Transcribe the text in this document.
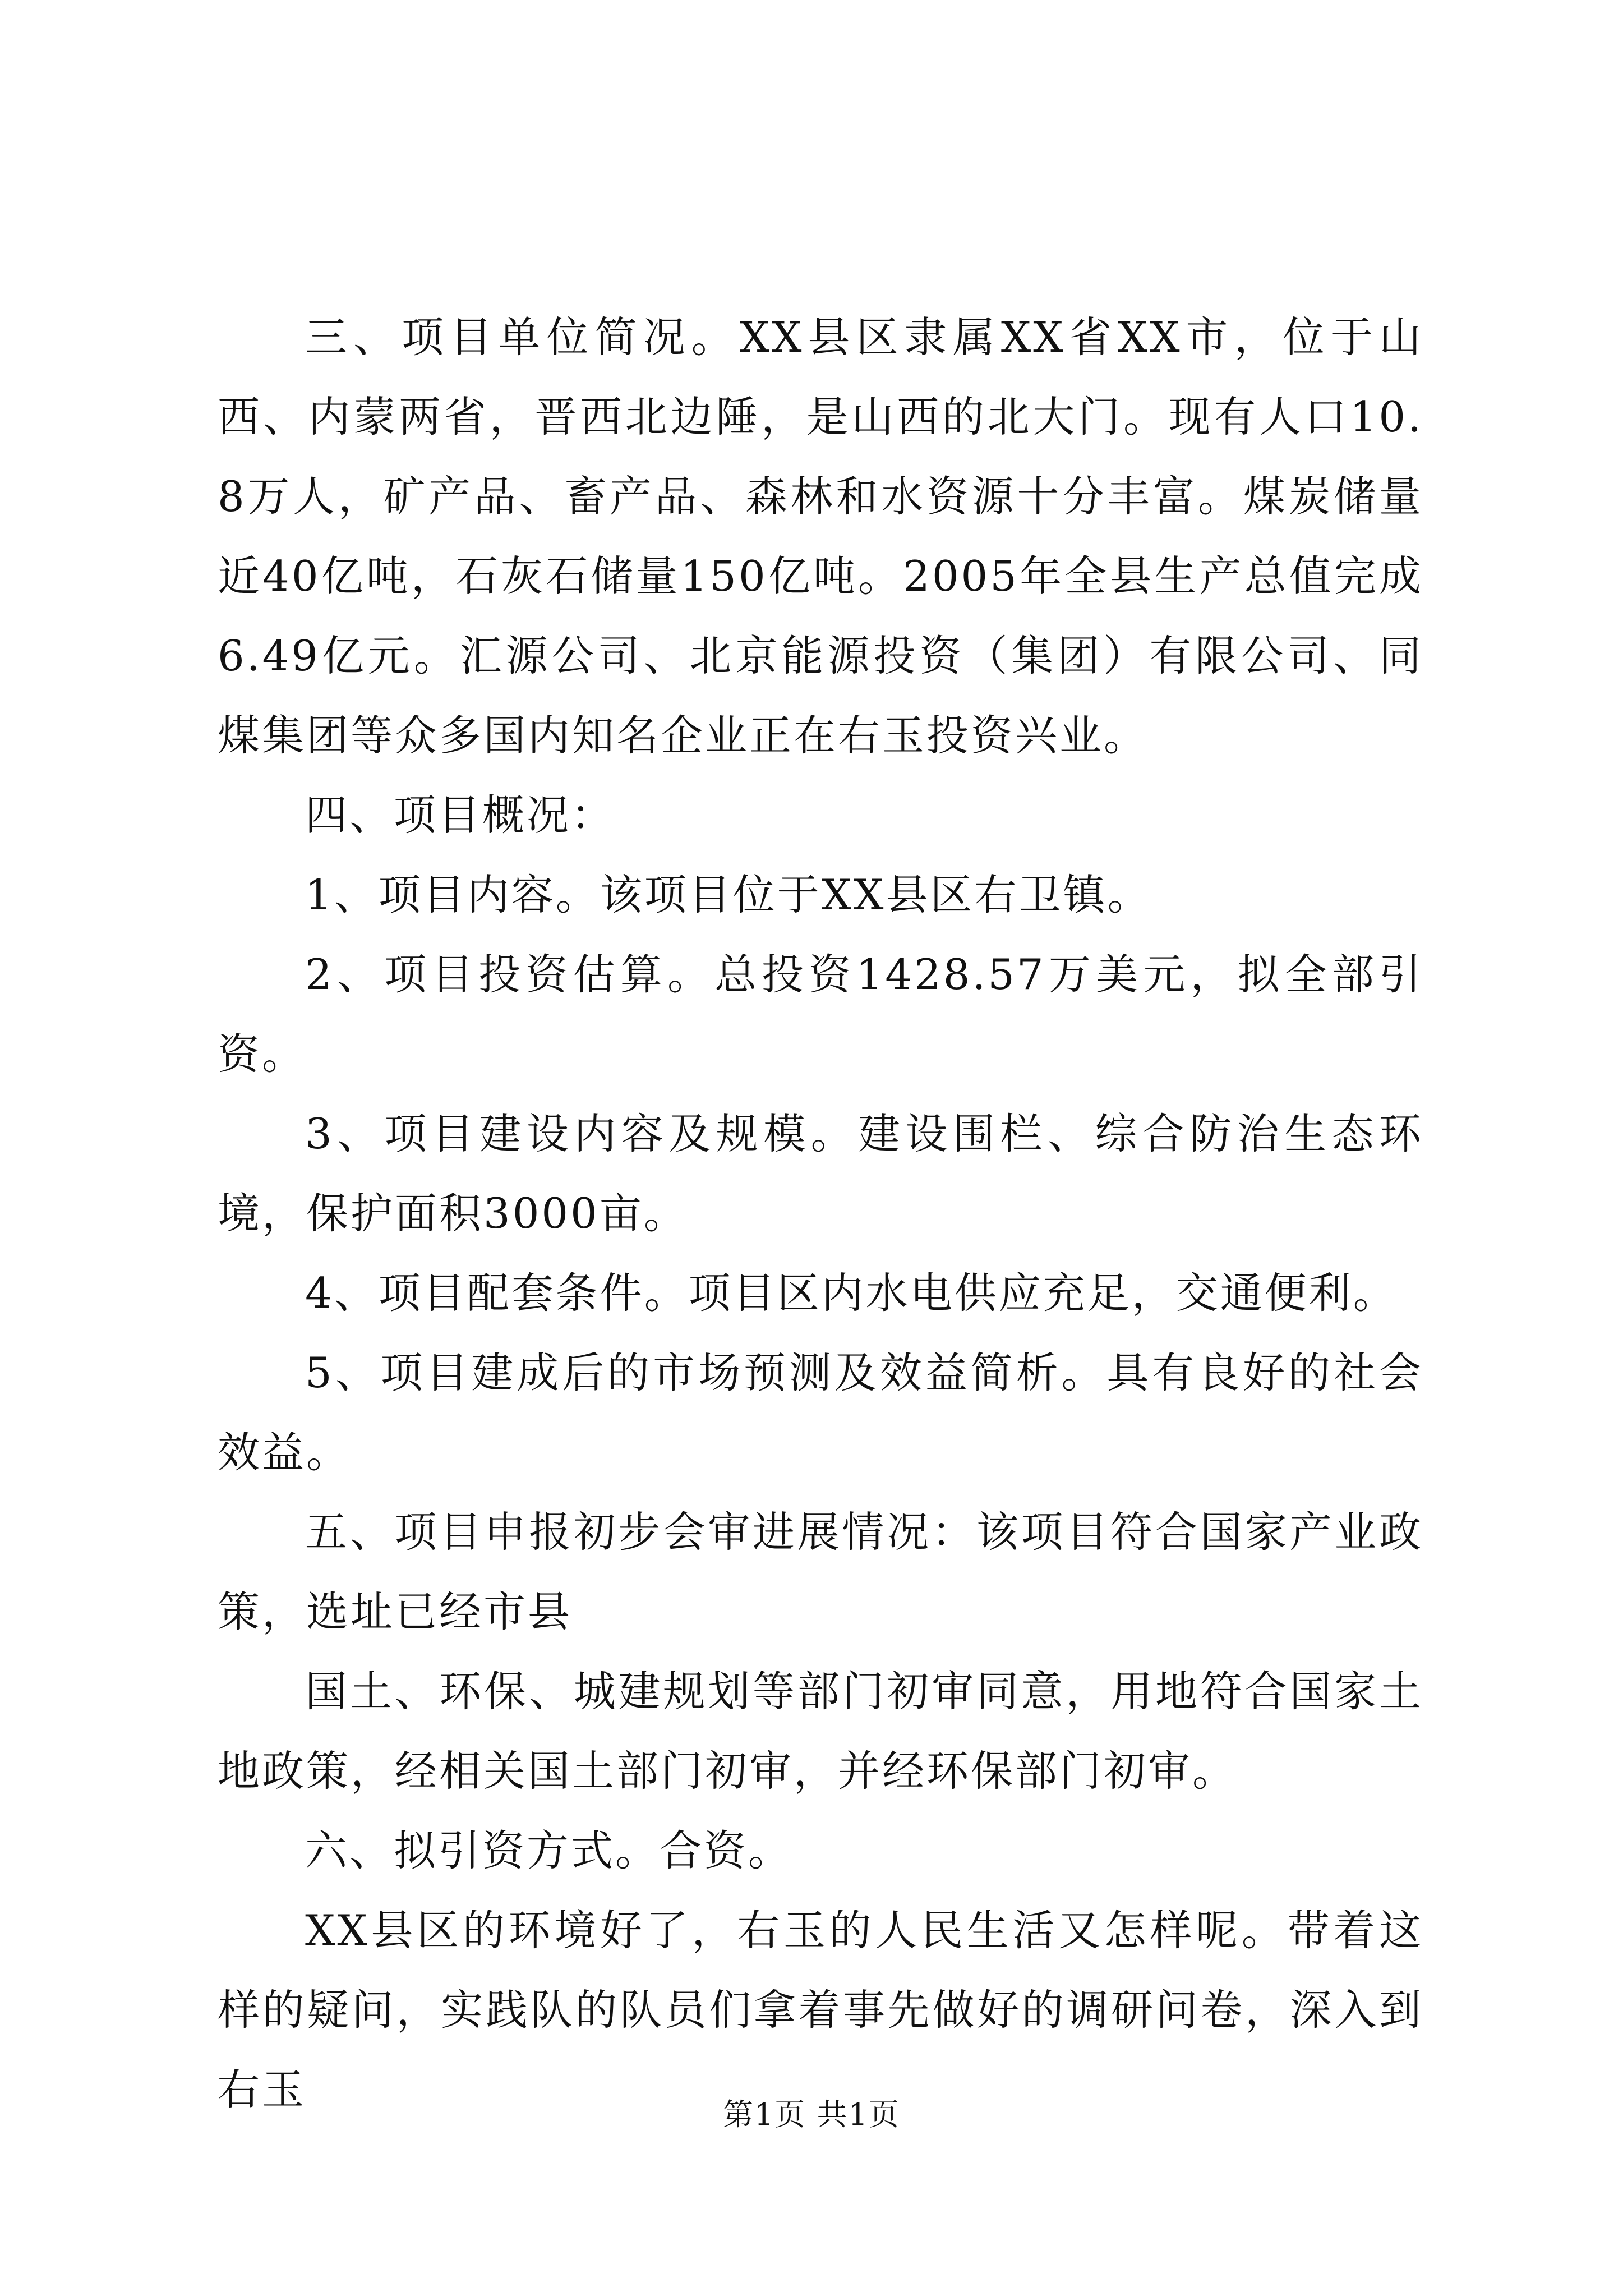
三、项目单位简况。XX县区隶属XX省XX市，位于山西、内蒙两省，晋西北边陲，是山西的北大门。现有人口10.8万人，矿产品、畜产品、森林和水资源十分丰富。煤炭储量近40亿吨，石灰石储量150亿吨。2005年全县生产总值完成6.49亿元。汇源公司、北京能源投资（集团）有限公司、同煤集团等众多国内知名企业正在右玉投资兴业。

四、项目概况：

1、项目内容。该项目位于XX县区右卫镇。

2、项目投资估算。总投资1428.57万美元，拟全部引资。

3、项目建设内容及规模。建设围栏、综合防治生态环境，保护面积3000亩。

4、项目配套条件。项目区内水电供应充足，交通便利。

5、项目建成后的市场预测及效益简析。具有良好的社会效益。

五、项目申报初步会审进展情况：该项目符合国家产业政策，选址已经市县

国土、环保、城建规划等部门初审同意，用地符合国家土地政策，经相关国土部门初审，并经环保部门初审。

六、拟引资方式。合资。

XX县区的环境好了，右玉的人民生活又怎样呢。带着这样的疑问，实践队的队员们拿着事先做好的调研问卷，深入到右玉

第1页 共1页
